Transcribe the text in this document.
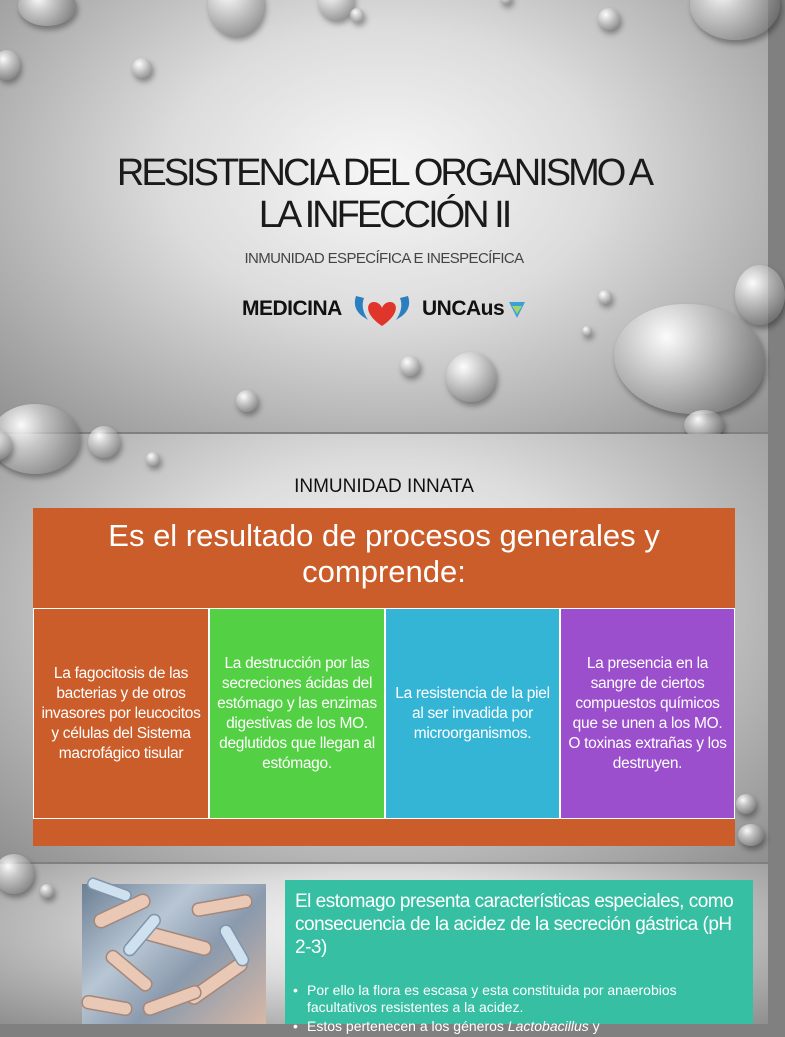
RESISTENCIA DEL ORGANISMO A
LA INFECCIÓN II
INMUNIDAD ESPECÍFICA E INESPECÍFICA
MEDICINA	UNCAus
INMUNIDAD INNATA
Es el resultado de procesos generales y comprende:
La fagocitosis de las bacterias y de otros invasores por leucocitos y células del Sistema macrofágico tisular
La destrucción por las secreciones ácidas del estómago y las enzimas digestivas de los MO. deglutidos que llegan al estómago.
La resistencia de la piel al ser invadida por microorganismos.
La presencia en la sangre de ciertos compuestos químicos que se unen a los MO. O toxinas extrañas y los destruyen.
El estomago presenta características especiales, como consecuencia de la acidez de la secreción gástrica (pH 2-3)
• Por ello la flora es escasa y esta constituida por anaerobios facultativos resistentes a la acidez.
• Estos pertenecen a los géneros Lactobacillus y
